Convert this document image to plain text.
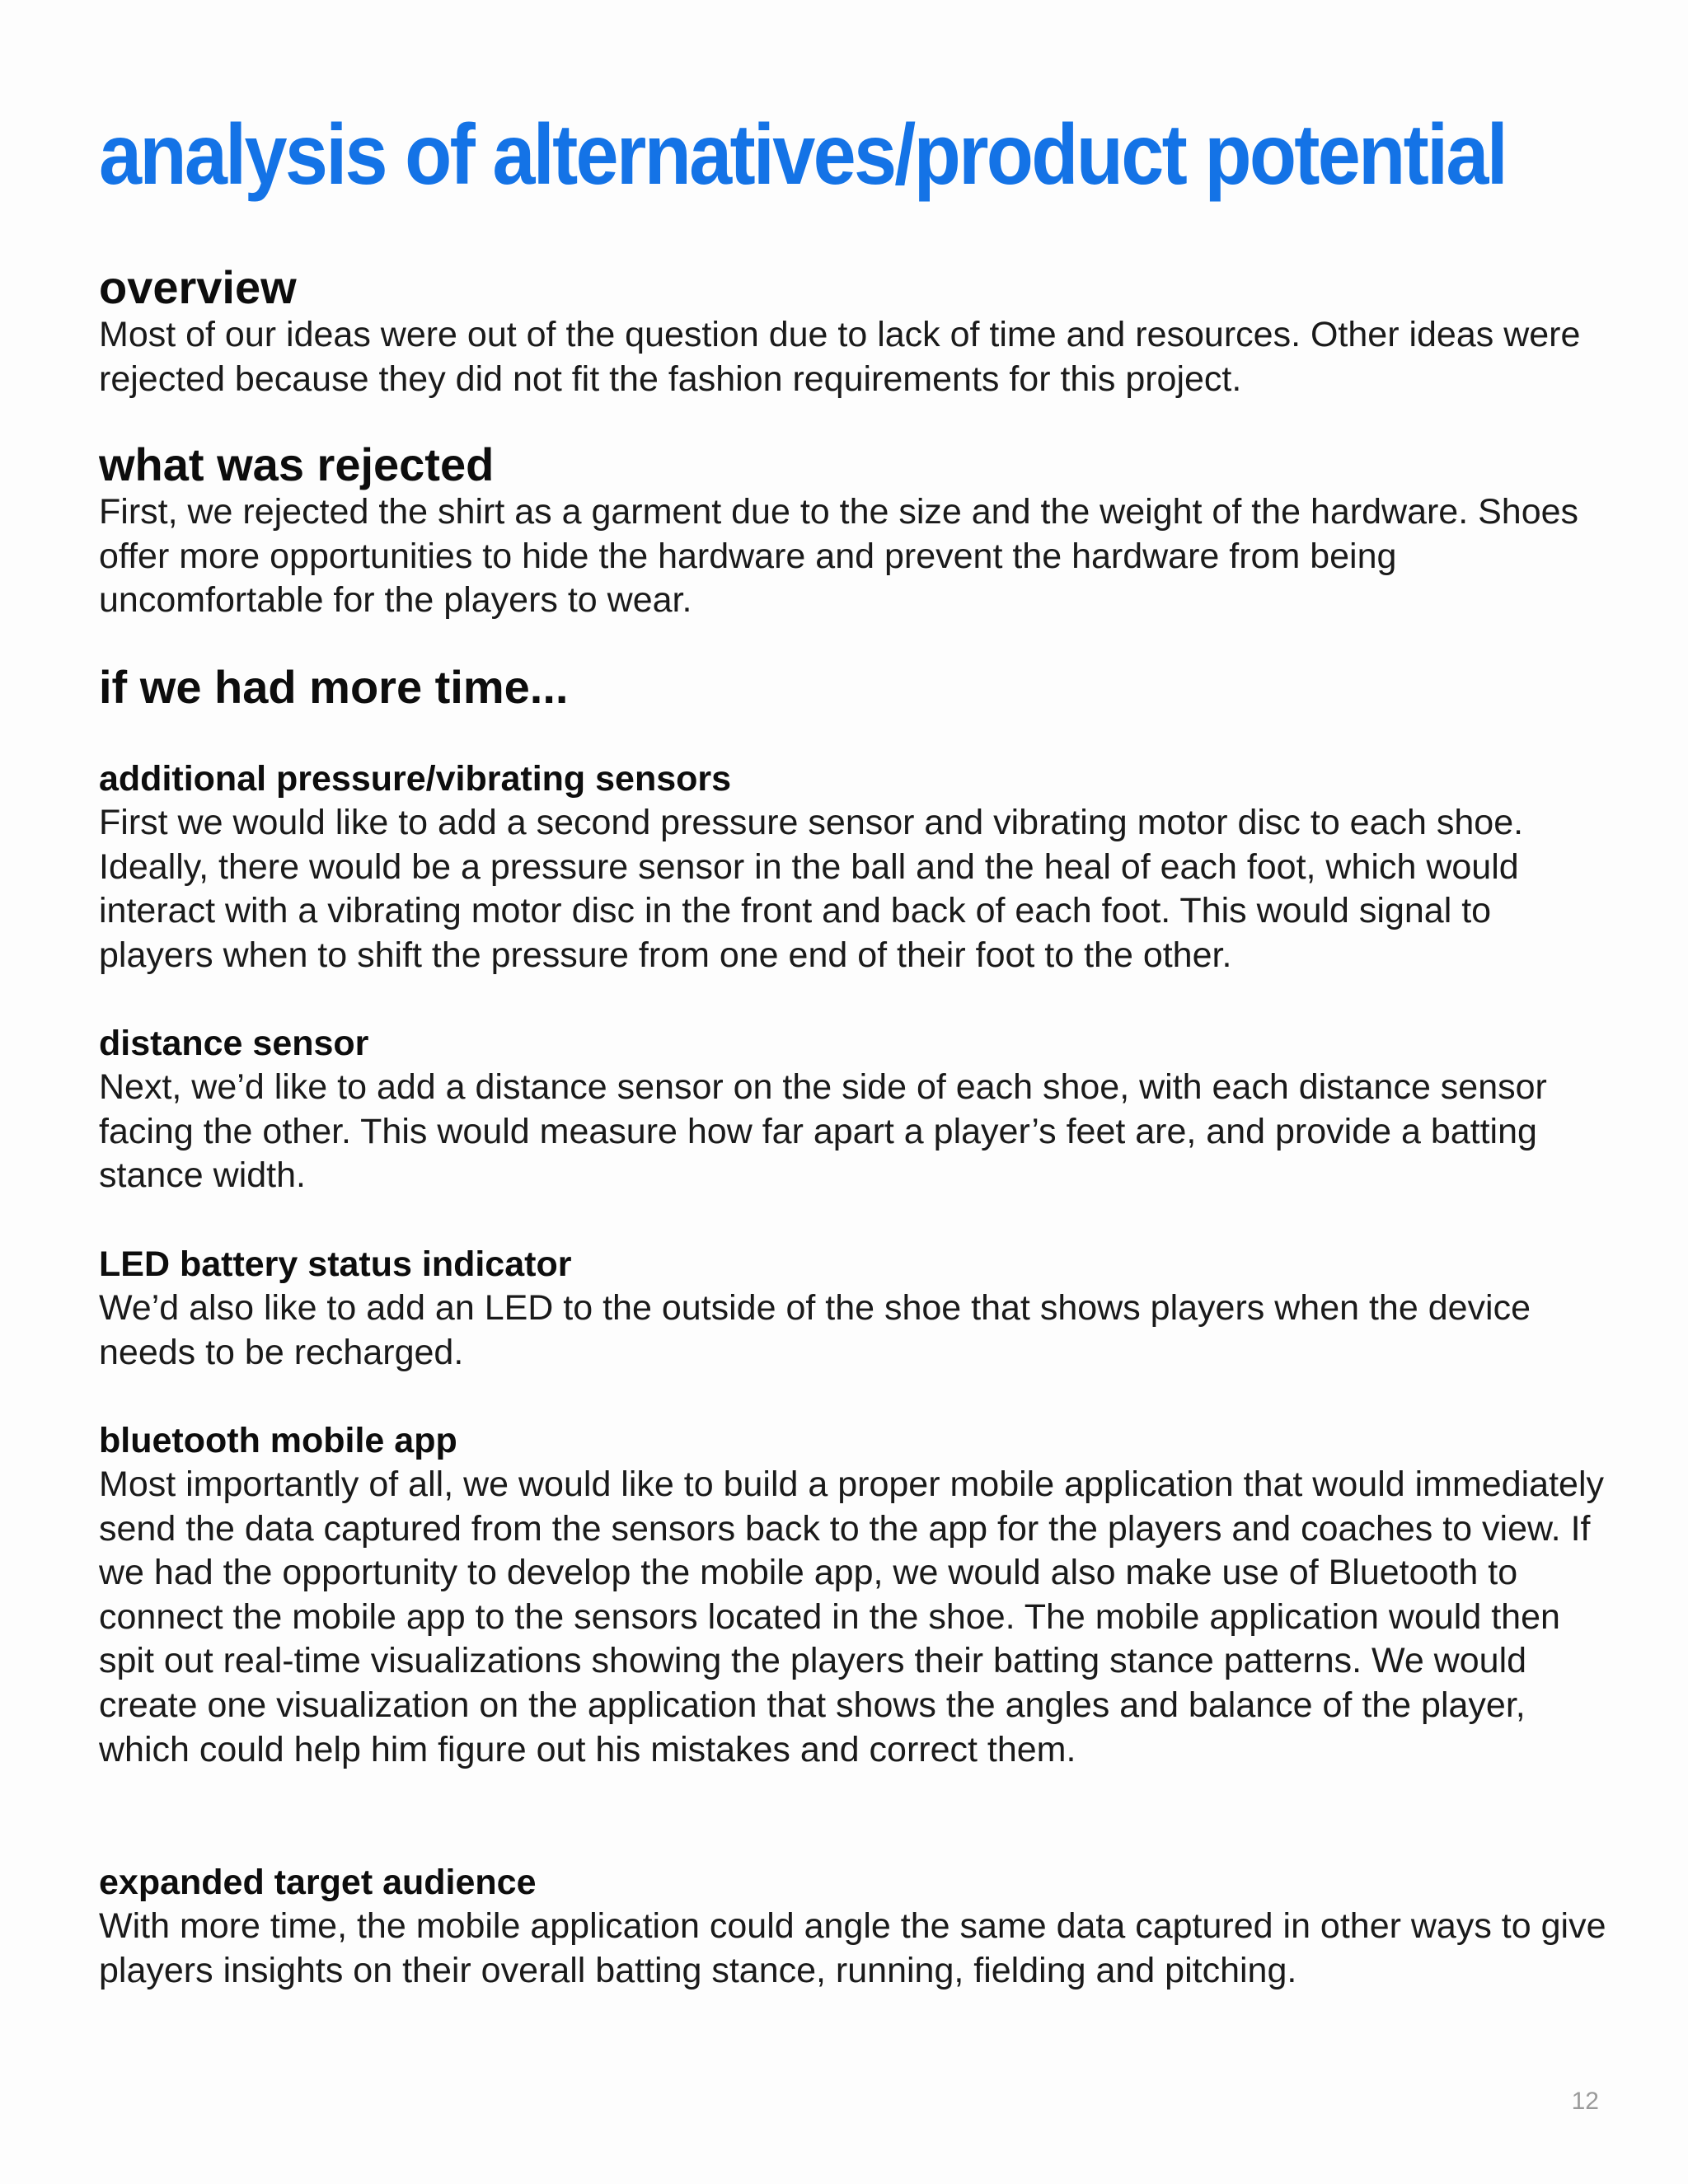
analysis of alternatives/product potential
overview

Most of our ideas were out of the question due to lack of time and resources. Other ideas were rejected because they did not fit the fashion requirements for this project.

what was rejected

First, we rejected the shirt as a garment due to the size and the weight of the hardware. Shoes offer more opportunities to hide the hardware and prevent the hardware from being uncomfortable for the players to wear.

if we had more time...
additional pressure/vibrating sensors

First we would like to add a second pressure sensor and vibrating motor disc to each shoe. Ideally, there would be a pressure sensor in the ball and the heal of each foot, which would interact with a vibrating motor disc in the front and back of each foot. This would signal to players when to shift the pressure from one end of their foot to the other.

distance sensor

Next, we’d like to add a distance sensor on the side of each shoe, with each distance sensor facing the other. This would measure how far apart a player’s feet are, and provide a batting stance width.

LED battery status indicator

We’d also like to add an LED to the outside of the shoe that shows players when the device needs to be recharged.

bluetooth mobile app

Most importantly of all, we would like to build a proper mobile application that would immediately send the data captured from the sensors back to the app for the players and coaches to view. If we had the opportunity to develop the mobile app, we would also make use of Bluetooth to connect the mobile app to the sensors located in the shoe. The mobile application would then spit out real-time visualizations showing the players their batting stance patterns. We would create one visualization on the application that shows the angles and balance of the player, which could help him figure out his mistakes and correct them.

expanded target audience

With more time, the mobile application could angle the same data captured in other ways to give players insights on their overall batting stance, running, fielding and pitching.

12
